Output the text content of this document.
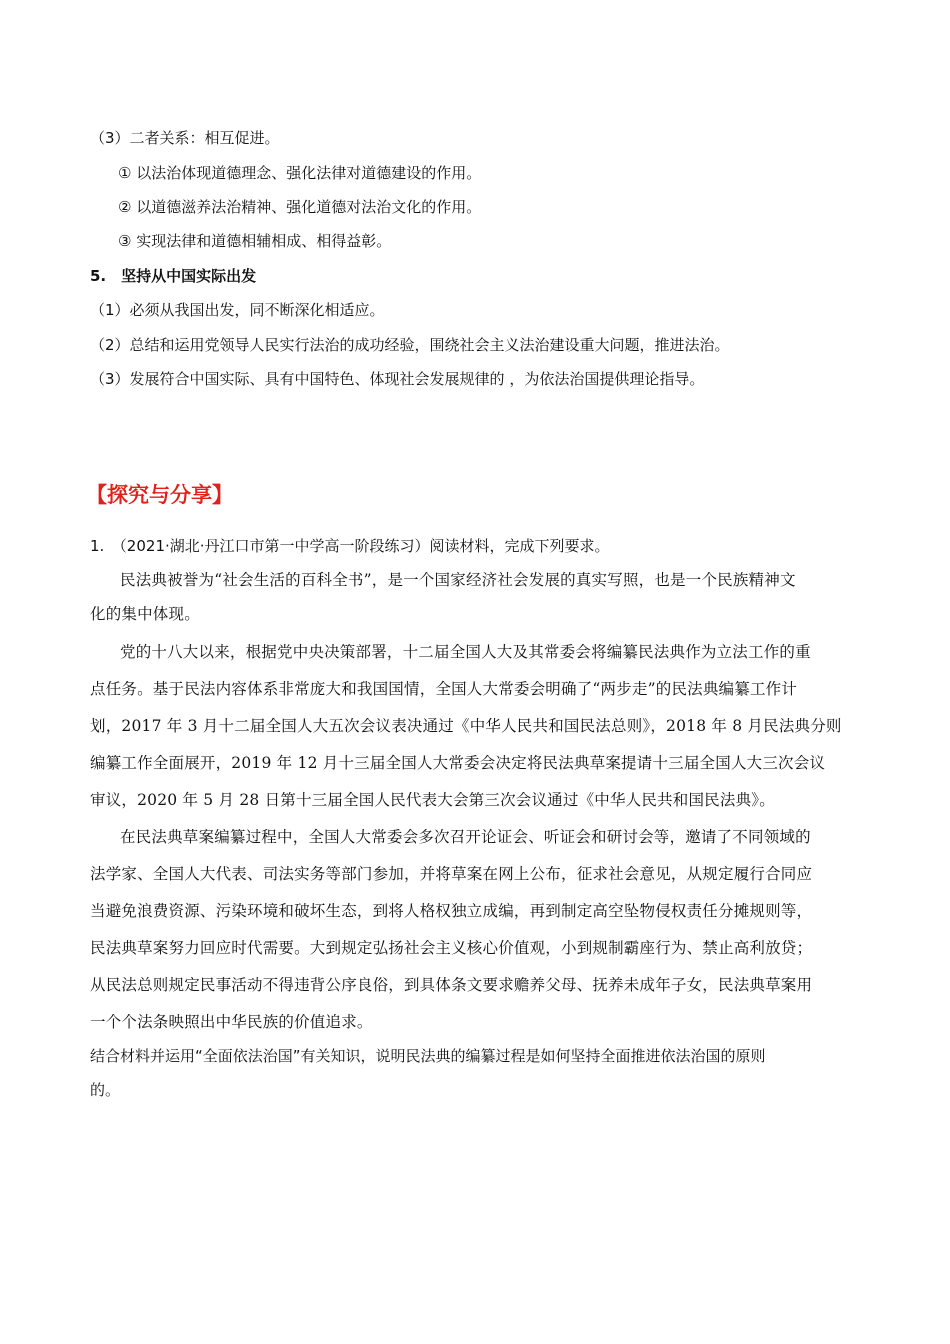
（3）二者关系：相互促进。
① 以法治体现道德理念、强化法律对道德建设的作用。
② 以道德滋养法治精神、强化道德对法治文化的作用。
③ 实现法律和道德相辅相成、相得益彰。
5.　坚持从中国实际出发
（1）必须从我国出发，同不断深化相适应。
（2）总结和运用党领导人民实行法治的成功经验，围绕社会主义法治建设重大问题，推进法治。
（3）发展符合中国实际、具有中国特色、体现社会发展规律的 ，为依法治国提供理论指导。
【探究与分享】
1.　（2021·湖北·丹江口市第一中学高一阶段练习）阅读材料，完成下列要求。
民法典被誉为“社会生活的百科全书”，是一个国家经济社会发展的真实写照，也是一个民族精神文
化的集中体现。
党的十八大以来，根据党中央决策部署，十二届全国人大及其常委会将编纂民法典作为立法工作的重
点任务。基于民法内容体系非常庞大和我国国情，全国人大常委会明确了“两步走”的民法典编纂工作计
划，2017 年 3 月十二届全国人大五次会议表决通过《中华人民共和国民法总则》，2018 年 8 月民法典分则
编纂工作全面展开，2019 年 12 月十三届全国人大常委会决定将民法典草案提请十三届全国人大三次会议
审议，2020 年 5 月 28 日第十三届全国人民代表大会第三次会议通过《中华人民共和国民法典》。
在民法典草案编纂过程中，全国人大常委会多次召开论证会、听证会和研讨会等，邀请了不同领域的
法学家、全国人大代表、司法实务等部门参加，并将草案在网上公布，征求社会意见，从规定履行合同应
当避免浪费资源、污染环境和破坏生态，到将人格权独立成编，再到制定高空坠物侵权责任分摊规则等，
民法典草案努力回应时代需要。大到规定弘扬社会主义核心价值观，小到规制霸座行为、禁止高利放贷；
从民法总则规定民事活动不得违背公序良俗，到具体条文要求赡养父母、抚养未成年子女，民法典草案用
一个个法条映照出中华民族的价值追求。
结合材料并运用“全面依法治国”有关知识，说明民法典的编纂过程是如何坚持全面推进依法治国的原则
的。
